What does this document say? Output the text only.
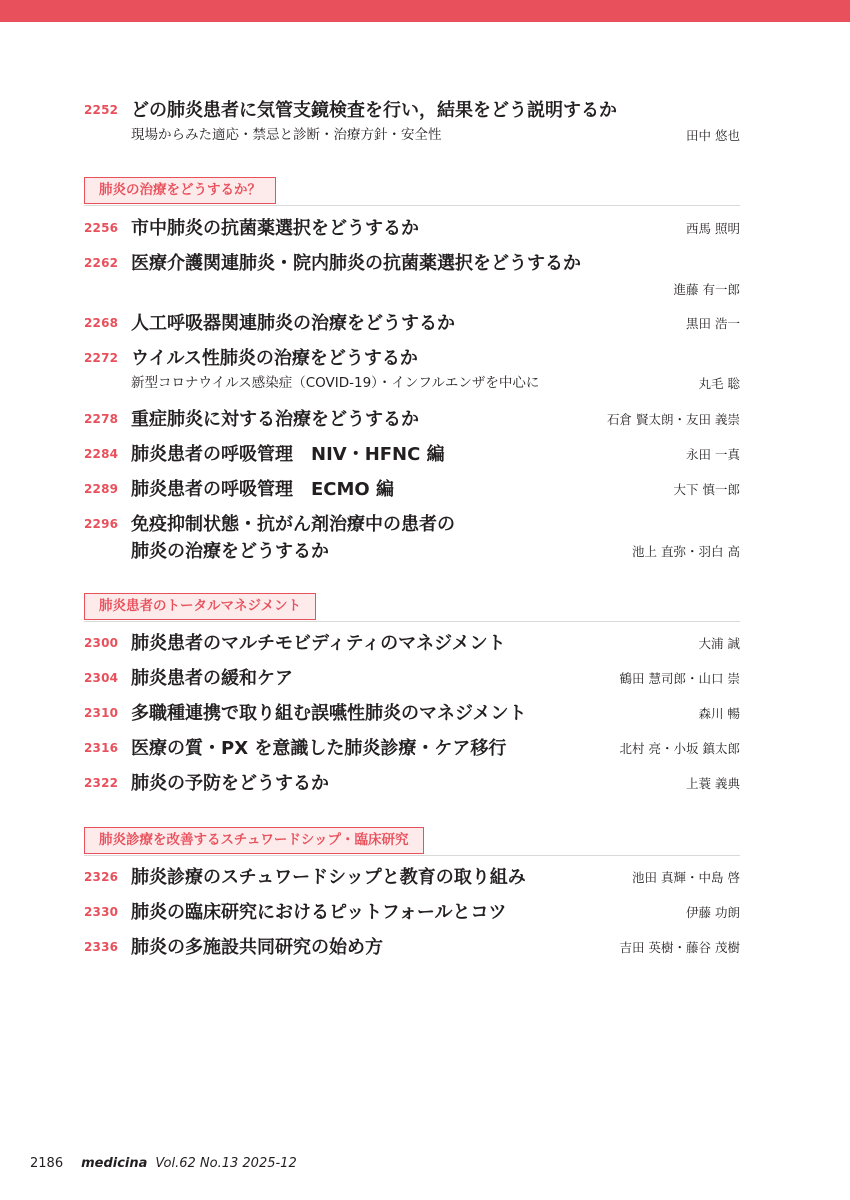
2252 どの肺炎患者に気管支鏡検査を行い，結果をどう説明するか
現場からみた適応・禁忌と診断・治療方針・安全性	田中 悠也
肺炎の治療をどうするか？
2256 市中肺炎の抗菌薬選択をどうするか	西馬 照明
2262 医療介護関連肺炎・院内肺炎の抗菌薬選択をどうするか
進藤 有一郎
2268 人工呼吸器関連肺炎の治療をどうするか	黒田 浩一
2272 ウイルス性肺炎の治療をどうするか
新型コロナウイルス感染症（COVID-19）・インフルエンザを中心に	丸毛 聡
2278 重症肺炎に対する治療をどうするか	石倉 賢太朗・友田 義崇
2284 肺炎患者の呼吸管理　NIV・HFNC 編	永田 一真
2289 肺炎患者の呼吸管理　ECMO 編	大下 慎一郎
2296 免疫抑制状態・抗がん剤治療中の患者の
肺炎の治療をどうするか	池上 直弥・羽白 高
肺炎患者のトータルマネジメント
2300 肺炎患者のマルチモビディティのマネジメント	大浦 誠
2304 肺炎患者の緩和ケア	鶴田 慧司郎・山口 崇
2310 多職種連携で取り組む誤嚥性肺炎のマネジメント	森川 暢
2316 医療の質・PX を意識した肺炎診療・ケア移行	北村 亮・小坂 鎮太郎
2322 肺炎の予防をどうするか	上蓑 義典
肺炎診療を改善するスチュワードシップ・臨床研究
2326 肺炎診療のスチュワードシップと教育の取り組み	池田 真輝・中島 啓
2330 肺炎の臨床研究におけるピットフォールとコツ	伊藤 功朗
2336 肺炎の多施設共同研究の始め方	吉田 英樹・藤谷 茂樹
2186 medicina Vol.62 No.13 2025-12
